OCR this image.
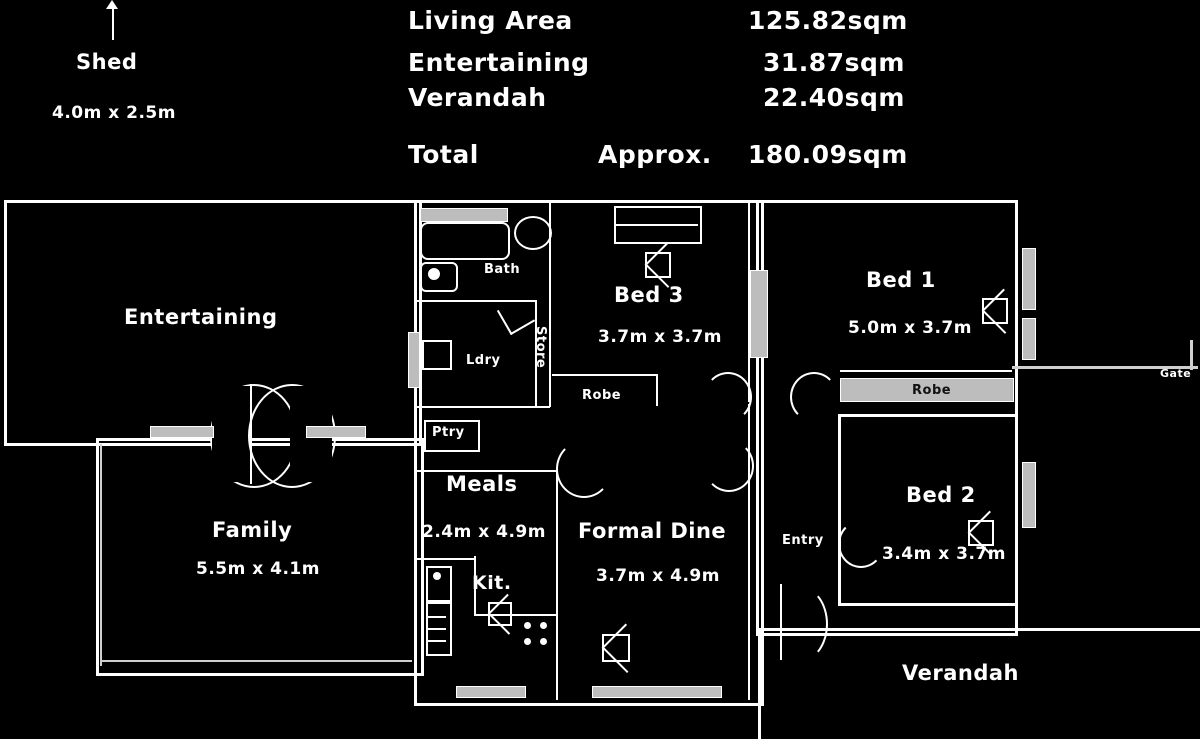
Shed
4.0m x 2.5m
Living Area	125.82sqm
Entertaining	31.87sqm
Verandah	22.40sqm
Total	Approx. 180.09sqm
Entertaining
Family
5.5m x 4.1m
Bath
Ldry	Store
Ptry
Meals
2.4m x 4.9m
Kit.
Formal Dine
3.7m x 4.9m
Bed 3
3.7m x 3.7m
Robe
Bed 1
5.0m x 3.7m
Robe
Bed 2
3.4m x 3.7m
Entry
Verandah
Gate
